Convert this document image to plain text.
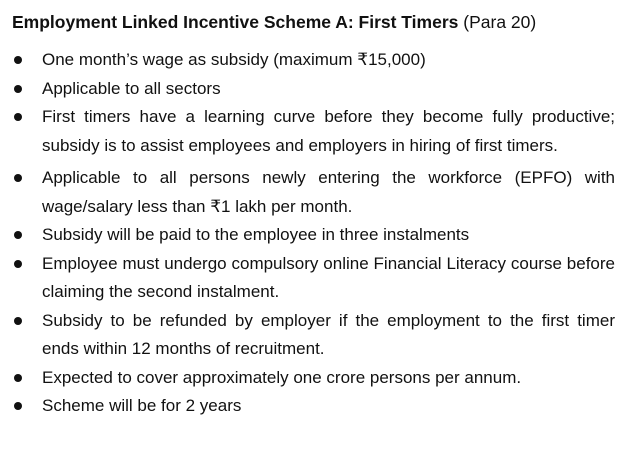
Employment Linked Incentive Scheme A: First Timers (Para 20)
One month’s wage as subsidy (maximum ₹15,000)
Applicable to all sectors
First timers have a learning curve before they become fully productive; subsidy is to assist employees and employers in hiring of first timers.
Applicable to all persons newly entering the workforce (EPFO) with wage/salary less than ₹1 lakh per month.
Subsidy will be paid to the employee in three instalments
Employee must undergo compulsory online Financial Literacy course before claiming the second instalment.
Subsidy to be refunded by employer if the employment to the first timer ends within 12 months of recruitment.
Expected to cover approximately one crore persons per annum.
Scheme will be for 2 years
